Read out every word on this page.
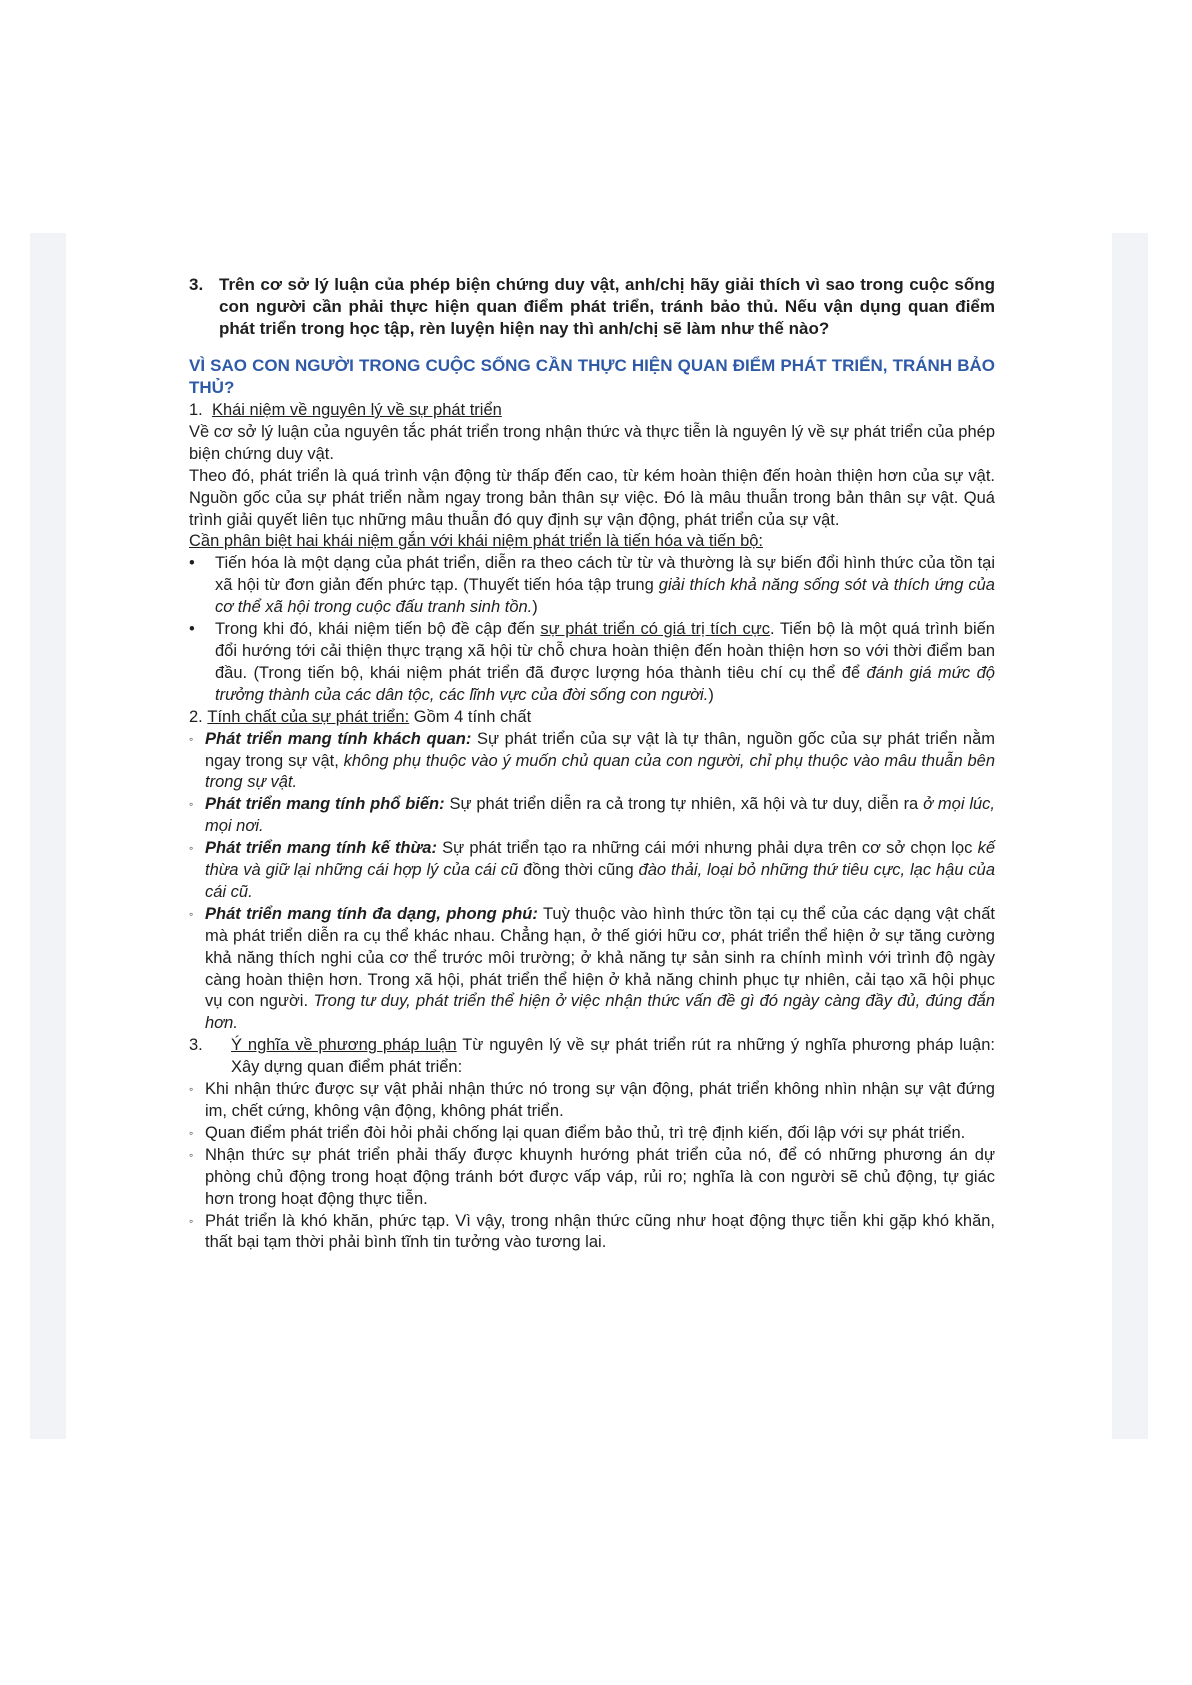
3. Trên cơ sở lý luận của phép biện chứng duy vật, anh/chị hãy giải thích vì sao trong cuộc sống con người cần phải thực hiện quan điểm phát triển, tránh bảo thủ. Nếu vận dụng quan điểm phát triển trong học tập, rèn luyện hiện nay thì anh/chị sẽ làm như thế nào?

VÌ SAO CON NGƯỜI TRONG CUỘC SỐNG CẦN THỰC HIỆN QUAN ĐIỂM PHÁT TRIỂN, TRÁNH BẢO THỦ?

1. Khái niệm về nguyên lý về sự phát triển

Về cơ sở lý luận của nguyên tắc phát triển trong nhận thức và thực tiễn là nguyên lý về sự phát triển của phép biện chứng duy vật.

Theo đó, phát triển là quá trình vận động từ thấp đến cao, từ kém hoàn thiện đến hoàn thiện hơn của sự vật. Nguồn gốc của sự phát triển nằm ngay trong bản thân sự việc. Đó là mâu thuẫn trong bản thân sự vật. Quá trình giải quyết liên tục những mâu thuẫn đó quy định sự vận động, phát triển của sự vật.

Cần phân biệt hai khái niệm gắn với khái niệm phát triển là tiến hóa và tiến bộ:

•	Tiến hóa là một dạng của phát triển, diễn ra theo cách từ từ và thường là sự biến đổi hình thức của tồn tại xã hội từ đơn giản đến phức tạp. (Thuyết tiến hóa tập trung giải thích khả năng sống sót và thích ứng của cơ thể xã hội trong cuộc đấu tranh sinh tồn.)
•	Trong khi đó, khái niệm tiến bộ đề cập đến sự phát triển có giá trị tích cực. Tiến bộ là một quá trình biến đổi hướng tới cải thiện thực trạng xã hội từ chỗ chưa hoàn thiện đến hoàn thiện hơn so với thời điểm ban đầu. (Trong tiến bộ, khái niệm phát triển đã được lượng hóa thành tiêu chí cụ thể để đánh giá mức độ trưởng thành của các dân tộc, các lĩnh vực của đời sống con người.)

2. Tính chất của sự phát triển: Gồm 4 tính chất

◦ Phát triển mang tính khách quan: Sự phát triển của sự vật là tự thân, nguồn gốc của sự phát triển nằm ngay trong sự vật, không phụ thuộc vào ý muốn chủ quan của con người, chỉ phụ thuộc vào mâu thuẫn bên trong sự vật.
◦ Phát triển mang tính phổ biến: Sự phát triển diễn ra cả trong tự nhiên, xã hội và tư duy, diễn ra ở mọi lúc, mọi nơi.
◦ Phát triển mang tính kế thừa: Sự phát triển tạo ra những cái mới nhưng phải dựa trên cơ sở chọn lọc kế thừa và giữ lại những cái hợp lý của cái cũ đồng thời cũng đào thải, loại bỏ những thứ tiêu cực, lạc hậu của cái cũ.
◦ Phát triển mang tính đa dạng, phong phú: Tuỳ thuộc vào hình thức tồn tại cụ thể của các dạng vật chất mà phát triển diễn ra cụ thể khác nhau. Chẳng hạn, ở thế giới hữu cơ, phát triển thể hiện ở sự tăng cường khả năng thích nghi của cơ thể trước môi trường; ở khả năng tự sản sinh ra chính mình với trình độ ngày càng hoàn thiện hơn. Trong xã hội, phát triển thể hiện ở khả năng chinh phục tự nhiên, cải tạo xã hội phục vụ con người. Trong tư duy, phát triển thể hiện ở việc nhận thức vấn đề gì đó ngày càng đầy đủ, đúng đắn hơn.
3.	Ý nghĩa về phương pháp luận Từ nguyên lý về sự phát triển rút ra những ý nghĩa phương pháp luận: Xây dựng quan điểm phát triển:
◦ Khi nhận thức được sự vật phải nhận thức nó trong sự vận động, phát triển không nhìn nhận sự vật đứng im, chết cứng, không vận động, không phát triển.
◦ Quan điểm phát triển đòi hỏi phải chống lại quan điểm bảo thủ, trì trệ định kiến, đối lập với sự phát triển.
◦ Nhận thức sự phát triển phải thấy được khuynh hướng phát triển của nó, để có những phương án dự phòng chủ động trong hoạt động tránh bớt được vấp váp, rủi ro; nghĩa là con người sẽ chủ động, tự giác hơn trong hoạt động thực tiễn.
◦ Phát triển là khó khăn, phức tạp. Vì vậy, trong nhận thức cũng như hoạt động thực tiễn khi gặp khó khăn, thất bại tạm thời phải bình tĩnh tin tưởng vào tương lai.
